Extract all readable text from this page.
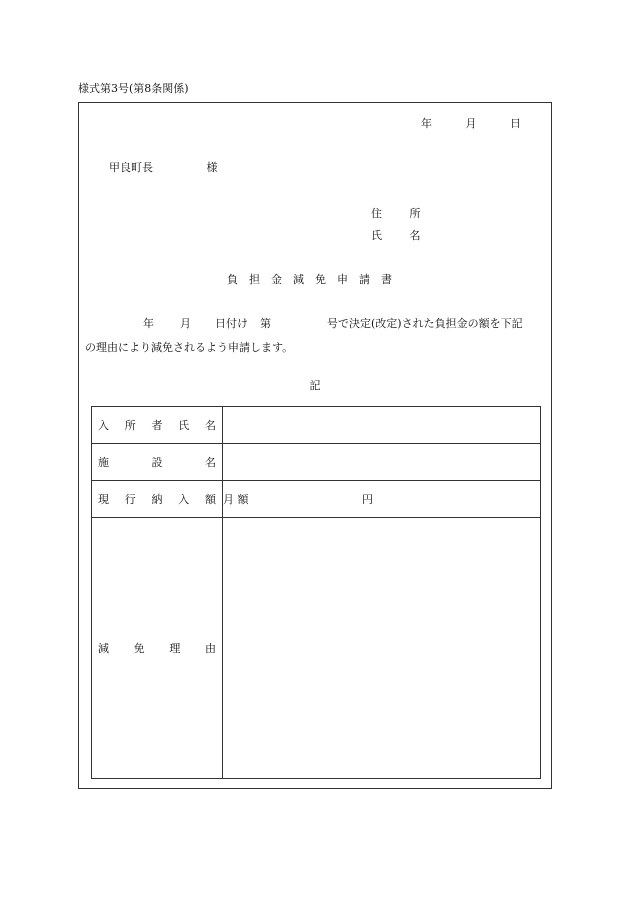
様式第3号(第8条関係)
年	月	日
甲良町長	様
住 所
氏 名
負担金減免申請書
年 月 日付け 第	号で決定(改定)された負担金の額を下記
の理由により減免されるよう申請します。
記
入 所 者 氏 名	

施 設 名	

現 行 納 入 額	月 額 円

減 免 理 由	
